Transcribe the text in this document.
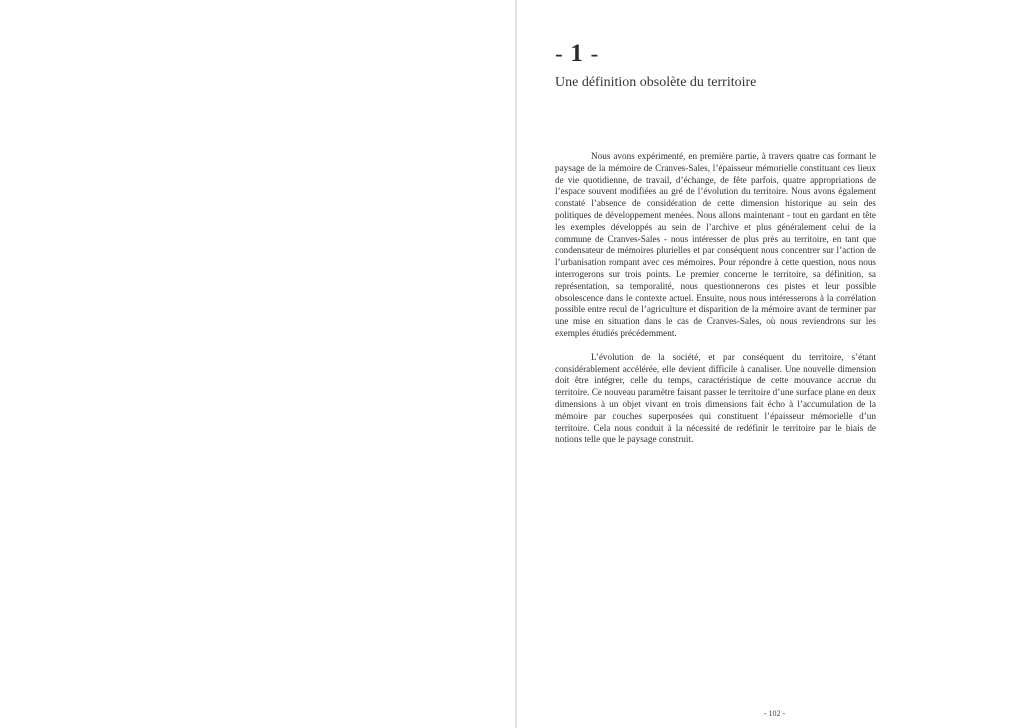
- 1 -
Une définition obsolète du territoire

Nous avons expérimenté, en première partie, à travers quatre cas formant le paysage de la mémoire de Cranves-Sales, l’épaisseur mémorielle constituant ces lieux de vie quotidienne, de travail, d’échange, de fête parfois, quatre appropriations de l’espace souvent modifiées au gré de l’évolution du territoire. Nous avons également constaté l’absence de considération de cette dimension historique au sein des politiques de développement menées. Nous allons maintenant - tout en gardant en tête les exemples développés au sein de l’archive et plus généralement celui de la commune de Cranves-Sales - nous intéresser de plus près au territoire, en tant que condensateur de mémoires plurielles et par conséquent nous concentrer sur l’action de l’urbanisation rompant avec ces mémoires. Pour répondre à cette question, nous nous interrogerons sur trois points. Le premier concerne le territoire, sa définition, sa représentation, sa temporalité, nous questionnerons ces pistes et leur possible obsolescence dans le contexte actuel. Ensuite, nous nous intéresserons à la corrélation possible entre recul de l’agriculture et disparition de la mémoire avant de terminer par une mise en situation dans le cas de Cranves-Sales, où nous reviendrons sur les exemples étudiés précédemment.

L’évolution de la société, et par conséquent du territoire, s’étant considérablement accélérée, elle devient difficile à canaliser. Une nouvelle dimension doit être intégrer, celle du temps, caractéristique de cette mouvance accrue du territoire. Ce nouveau paramètre faisant passer le territoire d’une surface plane en deux dimensions à un objet vivant en trois dimensions fait écho à l’accumulation de la mémoire par couches superposées qui constituent l’épaisseur mémorielle d’un territoire. Cela nous conduit à la nécessité de redéfinir le territoire par le biais de notions telle que le paysage construit.

- 102 -
